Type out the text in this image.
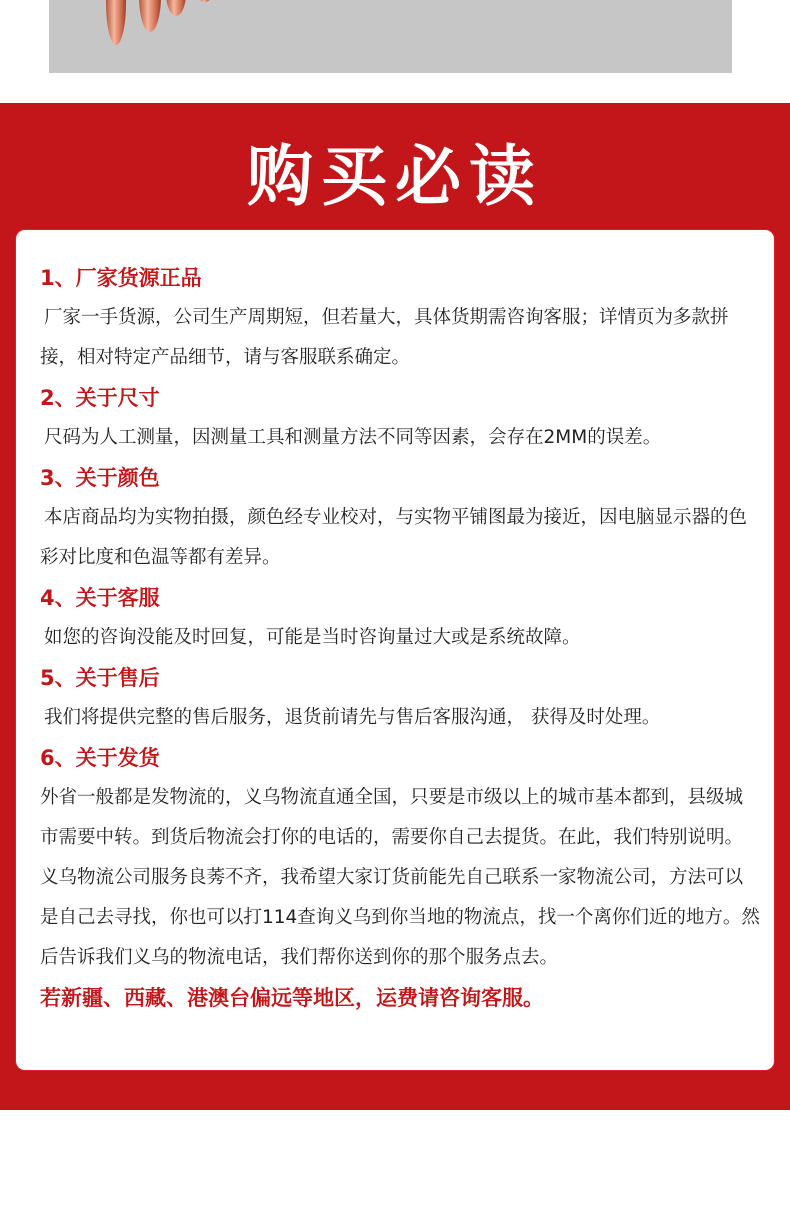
购买必读
1、厂家货源正品
厂家一手货源，公司生产周期短，但若量大，具体货期需咨询客服；详情页为多款拼接，相对特定产品细节，请与客服联系确定。
2、关于尺寸
尺码为人工测量，因测量工具和测量方法不同等因素，会存在2MM的误差。
3、关于颜色
本店商品均为实物拍摄，颜色经专业校对，与实物平铺图最为接近，因电脑显示器的色彩对比度和色温等都有差异。
4、关于客服
如您的咨询没能及时回复，可能是当时咨询量过大或是系统故障。
5、关于售后
我们将提供完整的售后服务，退货前请先与售后客服沟通， 获得及时处理。
6、关于发货
外省一般都是发物流的，义乌物流直通全国，只要是市级以上的城市基本都到，县级城市需要中转。到货后物流会打你的电话的，需要你自己去提货。在此，我们特别说明。义乌物流公司服务良莠不齐，我希望大家订货前能先自己联系一家物流公司，方法可以是自己去寻找，你也可以打114查询义乌到你当地的物流点，找一个离你们近的地方。然后告诉我们义乌的物流电话，我们帮你送到你的那个服务点去。
若新疆、西藏、港澳台偏远等地区，运费请咨询客服。
